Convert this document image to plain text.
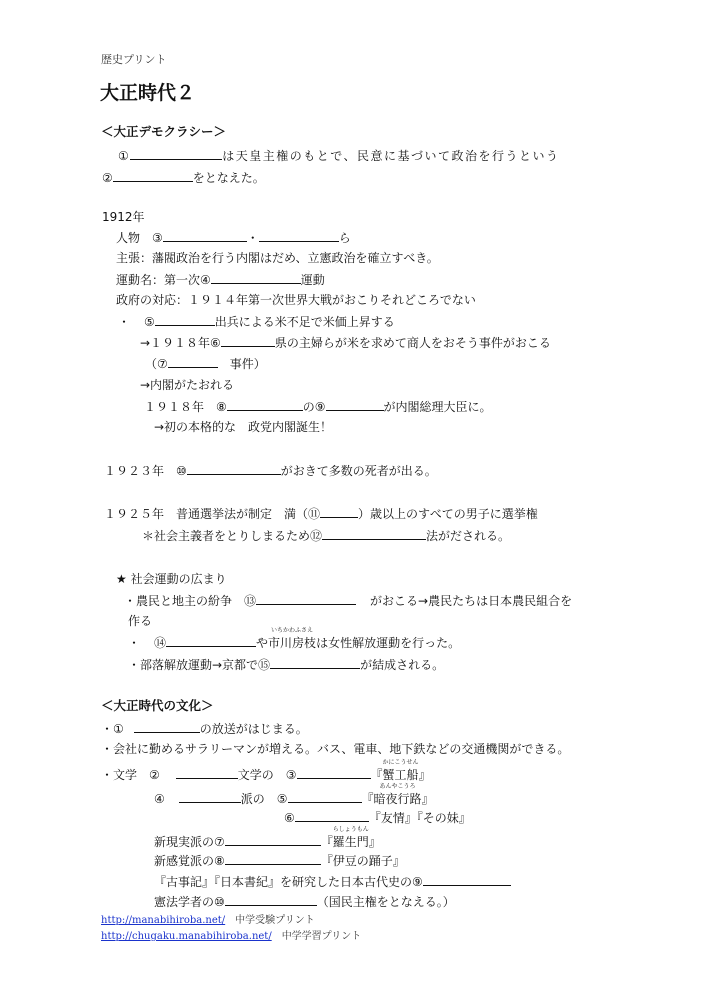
歴史プリント
大正時代２
＜大正デモクラシー＞
①	は天皇主権のもとで、民意に基づいて政治を行うという
②	をとなえた。
1912年
人物　③	・	ら
主張：藩閥政治を行う内閣はだめ、立憲政治を確立すべき。
運動名：第一次④	運動
政府の対応：１９１４年第一次世界大戦がおこりそれどころでない
・ ⑤	出兵による米不足で米価上昇する
→１９１８年⑥	県の主婦らが米を求めて商人をおそう事件がおこる
（⑦	事件）
→内閣がたおれる
１９１８年　⑧	の⑨	が内閣総理大臣に。
→初の本格的な　政党内閣誕生！
１９２３年　⑩	がおきて多数の死者が出る。
１９２５年　普通選挙法が制定　満（⑪	）歳以上のすべての男子に選挙権
＊社会主義者をとりしまるため⑫	法がだされる。
★ 社会運動の広まり
・農民と地主の紛争　⑬	がおこる→農民たちは日本農民組合を
作る
・ ⑭	や
いちかわふさえ
市川房枝は女性解放運動を行った。
・部落解放運動→京都で⑮	が結成される。
＜大正時代の文化＞
・①	の放送がはじまる。
・会社に勤めるサラリーマンが増える。バス、電車、地下鉄などの交通機関ができる。
・文学　②	文学の　③	『
かにこうせん
蟹工船』
④	派の　⑤	『
あんやこうろ
暗夜行路』
⑥	『友情』『その妹』
新現実派の⑦	『
らしょうもん
羅生門』
新感覚派の⑧	『伊豆の踊子』
『古事記』『日本書紀』を研究した日本古代史の⑨
憲法学者の⑩	（国民主権をとなえる。）
http://manabihiroba.net/ 中学受験プリント
http://chugaku.manabihiroba.net/ 中学学習プリント
